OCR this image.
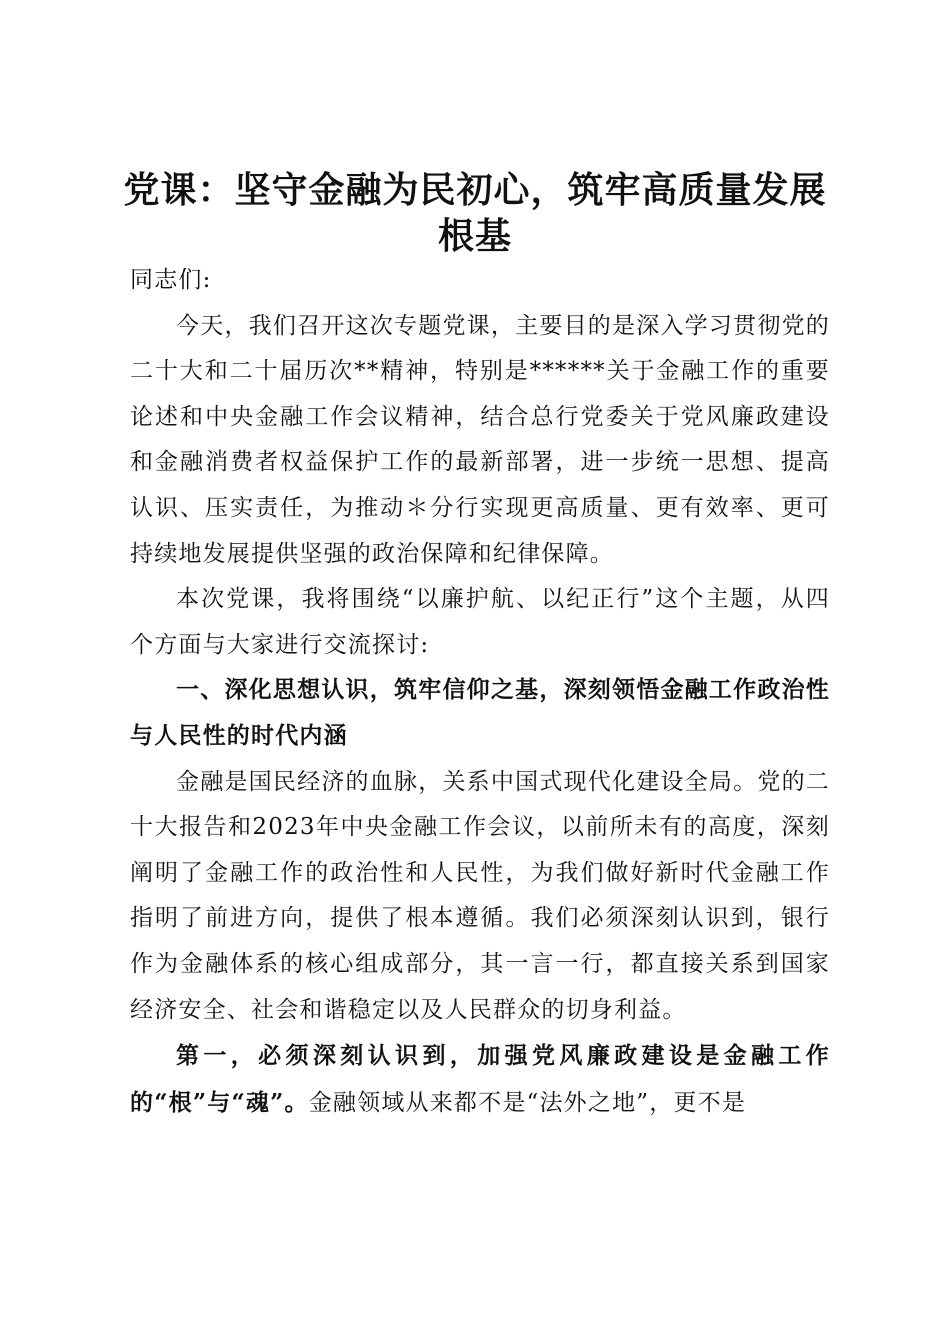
党课：坚守金融为民初心，筑牢高质量发展根基

同志们:

今天，我们召开这次专题党课，主要目的是深入学习贯彻党的二十大和二十届历次**精神，特别是******关于金融工作的重要论述和中央金融工作会议精神，结合总行党委关于党风廉政建设和金融消费者权益保护工作的最新部署，进一步统一思想、提高认识、压实责任，为推动＊分行实现更高质量、更有效率、更可持续地发展提供坚强的政治保障和纪律保障。

本次党课，我将围绕“以廉护航、以纪正行”这个主题，从四个方面与大家进行交流探讨:

一、深化思想认识，筑牢信仰之基，深刻领悟金融工作政治性与人民性的时代内涵

金融是国民经济的血脉，关系中国式现代化建设全局。党的二十大报告和2023年中央金融工作会议，以前所未有的高度，深刻阐明了金融工作的政治性和人民性，为我们做好新时代金融工作指明了前进方向，提供了根本遵循。我们必须深刻认识到，银行作为金融体系的核心组成部分，其一言一行，都直接关系到国家经济安全、社会和谐稳定以及人民群众的切身利益。

第一，必须深刻认识到，加强党风廉政建设是金融工作的“根”与“魂”。金融领域从来都不是“法外之地”，更不是
